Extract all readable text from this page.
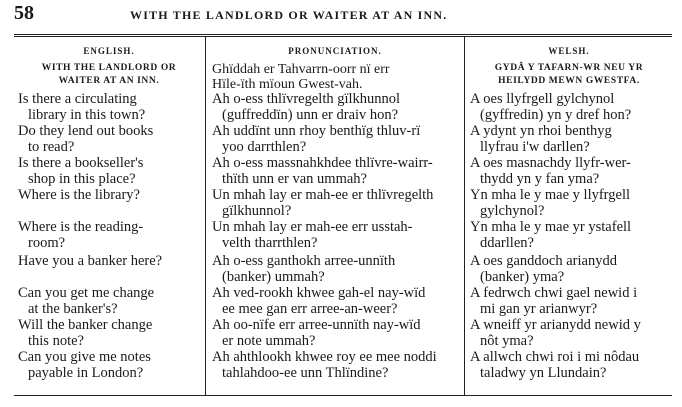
58	WITH THE LANDLORD OR WAITER AT AN INN.
ENGLISH.
WITH THE LANDLORD OR
WAITER AT AN INN.
Is there a circulating
library in this town?
Do they lend out books
to read?
Is there a bookseller's
shop in this place?
Where is the library?
Where is the reading-
room?
Have you a banker here?
Can you get me change
at the banker's?
Will the banker change
this note?
Can you give me notes
payable in London?
PRONUNCIATION.
Ghïddah er Tahvarrn-oorr nï err
Hïle-ïth mïoun Gwest-vah.
Ah o-ess thlïvregelth gïlkhunnol
(guffreddïn) unn er draiv hon?
Ah uddïnt unn rhoy benthïg thluv-rï
yoo darrthlen?
Ah o-ess massnahkhdee thlïvre-wairr-
thïth unn er van ummah?
Un mhah lay er mah-ee er thlïvregelth
gïlkhunnol?
Un mhah lay er mah-ee err usstah-
velth tharrthlen?
Ah o-ess ganthokh arree-unnïth
(banker) ummah?
Ah ved-rookh khwee gah-el nay-wïd
ee mee gan err arree-an-weer?
Ah oo-nïfe err arree-unnïth nay-wïd
er note ummah?
Ah ahthlookh khwee roy ee mee noddi
tahlahdoo-ee unn Thlïndine?
WELSH.
GYDÂ Y TAFARN-WR NEU YR
HEILYDD MEWN GWESTFA.
A oes llyfrgell gylchynol
(gyffredin) yn y dref hon?
A ydynt yn rhoi benthyg
llyfrau i'w darllen?
A oes masnachdy llyfr-wer-
thydd yn y fan yma?
Yn mha le y mae y llyfrgell
gylchynol?
Yn mha le y mae yr ystafell
ddarllen?
A oes ganddoch arianydd
(banker) yma?
A fedrwch chwi gael newid i
mi gan yr arianwyr?
A wneiff yr arianydd newid y
nôt yma?
A allwch chwi roi i mi nôdau
taladwy yn Llundain?
